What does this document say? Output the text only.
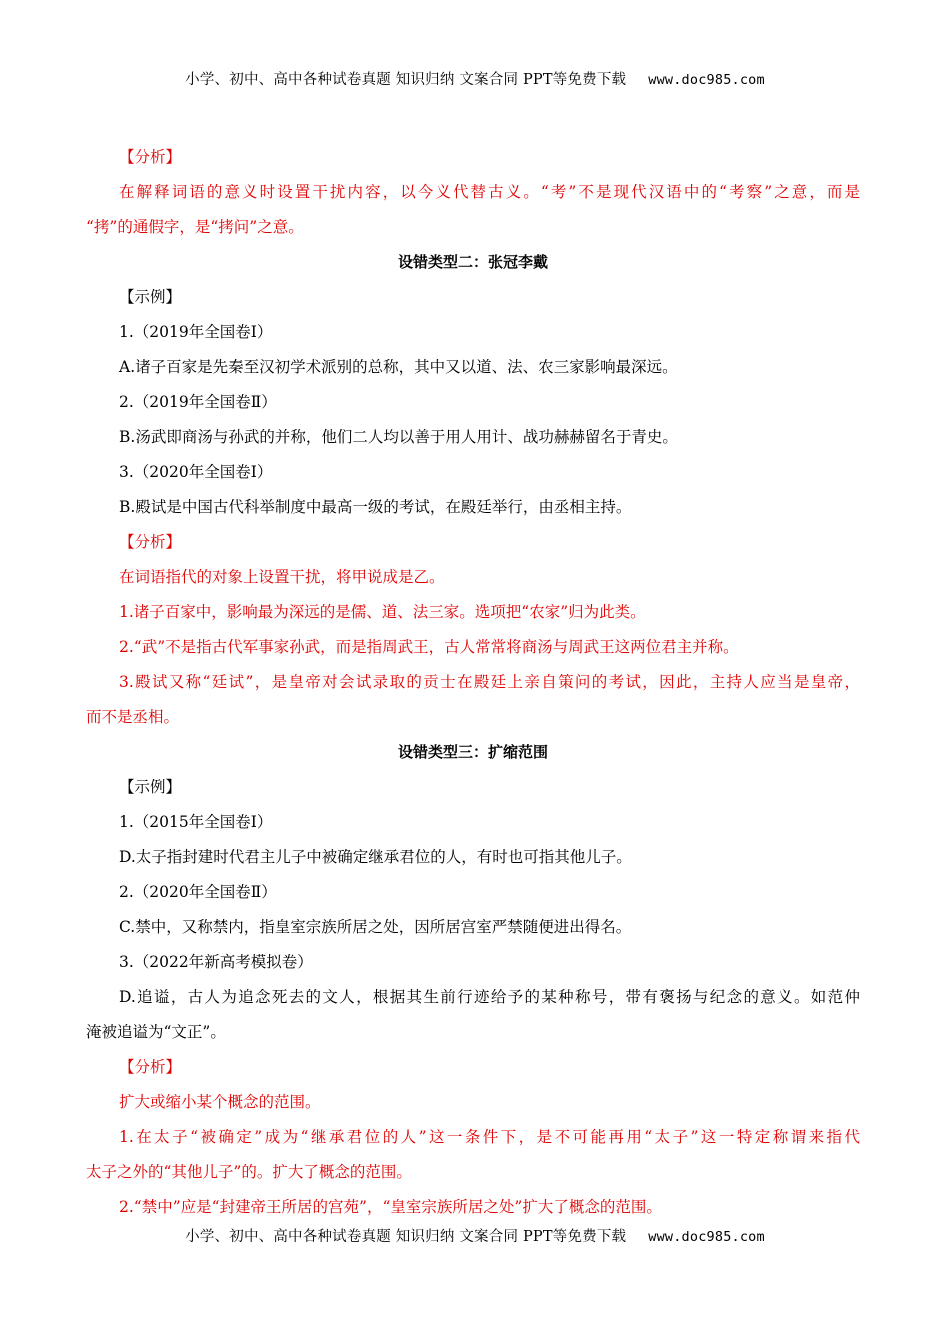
小学、初中、高中各种试卷真题 知识归纳 文案合同 PPT等免费下载 www.doc985.com
【分析】
在解释词语的意义时设置干扰内容，以今义代替古义。“考”不是现代汉语中的“考察”之意，而是
“拷”的通假字，是“拷问”之意。
设错类型二：张冠李戴
【示例】
1.（2019年全国卷Ⅰ）
A.诸子百家是先秦至汉初学术派别的总称，其中又以道、法、农三家影响最深远。
2.（2019年全国卷Ⅱ）
B.汤武即商汤与孙武的并称，他们二人均以善于用人用计、战功赫赫留名于青史。
3.（2020年全国卷Ⅰ）
B.殿试是中国古代科举制度中最高一级的考试，在殿廷举行，由丞相主持。
【分析】
在词语指代的对象上设置干扰，将甲说成是乙。
1.诸子百家中，影响最为深远的是儒、道、法三家。选项把“农家”归为此类。
2.“武”不是指古代军事家孙武，而是指周武王，古人常常将商汤与周武王这两位君主并称。
3.殿试又称“廷试”，是皇帝对会试录取的贡士在殿廷上亲自策问的考试，因此，主持人应当是皇帝，
而不是丞相。
设错类型三：扩缩范围
【示例】
1.（2015年全国卷Ⅰ）
D.太子指封建时代君主儿子中被确定继承君位的人，有时也可指其他儿子。
2.（2020年全国卷Ⅱ）
C.禁中，又称禁内，指皇室宗族所居之处，因所居宫室严禁随便进出得名。
3.（2022年新高考模拟卷）
D.追谥，古人为追念死去的文人，根据其生前行迹给予的某种称号，带有褒扬与纪念的意义。如范仲
淹被追谥为“文正”。
【分析】
扩大或缩小某个概念的范围。
1.在太子“被确定”成为“继承君位的人”这一条件下，是不可能再用“太子”这一特定称谓来指代
太子之外的“其他儿子”的。扩大了概念的范围。
2.“禁中”应是“封建帝王所居的宫苑”，“皇室宗族所居之处”扩大了概念的范围。
小学、初中、高中各种试卷真题 知识归纳 文案合同 PPT等免费下载 www.doc985.com
